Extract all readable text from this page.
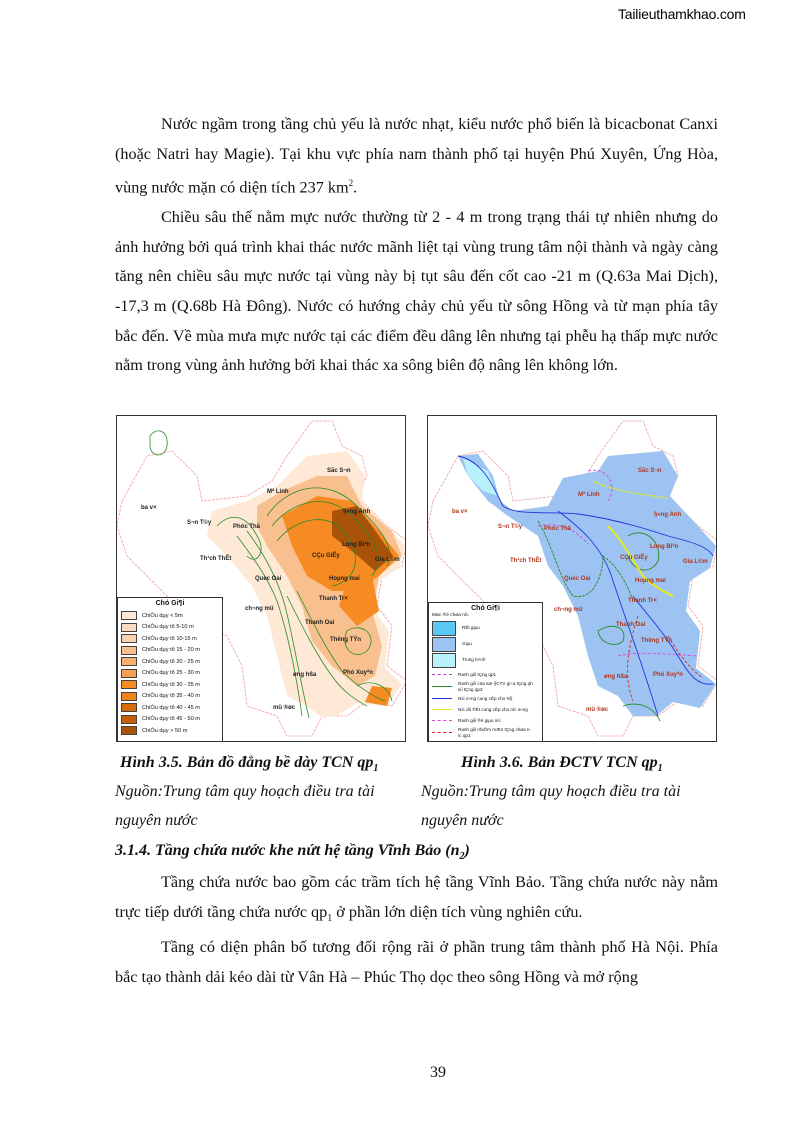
Tailieuthamkhao.com

Nước ngầm trong tầng chủ yếu là nước nhạt, kiểu nước phổ biến là bicacbonat Canxi (hoặc Natri hay Magie). Tại khu vực phía nam thành phố tại huyện Phú Xuyên, Ứng Hòa, vùng nước mặn có diện tích 237 $km^2$.

Chiều sâu thế nằm mực nước thường từ 2 - 4 m trong trạng thái tự nhiên nhưng do ảnh hưởng bởi quá trình khai thác nước mãnh liệt tại vùng trung tâm nội thành và ngày càng tăng nên chiều sâu mực nước tại vùng này bị tụt sâu đến cốt cao -21 m (Q.63a Mai Dịch), -17,3 m (Q.68b Hà Đông). Nước có hướng chảy chủ yếu từ sông Hồng và từ mạn phía tây bắc đến. Về mùa mưa mực nước tại các điểm đều dâng lên nhưng tại phễu hạ thấp mực nước nằm trong vùng ảnh hưởng bởi khai thác xa sông biên độ nâng lên không lớn.

Sãc S¬n
Mª Linh
ba v×
S¬n T©y
Phóc Thä
§«ng Anh
Th¹ch ThÊt
Long Biªn
CÇu GiÊy
Gia L©m
Quèc Oai	Hoµng mai
Thanh Tr×
ch¬ng mü
Thanh Oai
Thêng TÝn
øng hßa	Phó Xuyªn
mü ®øc
Chó Gi¶i
ChiÒu dµy < 5m
ChiÒu dµy tõ 5-10 m
ChiÒu dµy tõ 10-15 m
ChiÒu dµy tõ 15 - 20 m
ChiÒu dµy tõ 20 - 25 m
ChiÒu dµy tõ 25 - 30 m
ChiÒu dµy tõ 30 - 35 m
ChiÒu dµy tõ 35 - 40 m
ChiÒu dµy tõ 40 - 45 m
ChiÒu dµy tõ 45 - 50 m
ChiÒu dµy > 50 m
Sãc S¬n
Mª Linh
ba v×
S¬n T©y	Phóc Thä
§«ng Anh
Th¹ch ThÊt
Long Biªn
CÇu GiÊy
Gia L©m
Quèc Oai	Hoµng mai
Thanh Tr×
ch¬ng mü
Thanh Oai
Thêng TÝn
øng hßa	Phó Xuyªn
mü ®øc
Chó Gi¶i
Møc ®é chøa níc
RÊt giµu
Giµu
Trung b×nh
Ranh giíi tÇng qp1
Ranh giíi cöa sæ §CTV gi÷a tÇng qh víi tÇng qp2
Níc s«ng cung cÊp cho N§
Níc díi ®Êt cung cÊp cho níc s«ng
Ranh giíi ®é giµu níc
Ranh giíi nhiÔm mÆn tÇng chøa níc qp1
Hình 3.5. Bản đồ đẳng bề dày TCN $qp_1$	Hình 3.6. Bản ĐCTV TCN $qp_1$
Nguồn:Trung tâm quy hoạch điều tra tài
nguyên nước
Nguồn:Trung tâm quy hoạch điều tra tài
nguyên nước
3.1.4. Tầng chứa nước khe nứt hệ tầng Vĩnh Bảo $(n_2)$

Tầng chứa nước bao gồm các trầm tích hệ tầng Vĩnh Bảo. Tầng chứa nước này nằm trực tiếp dưới tầng chứa nước $qp_1$ ở phần lớn diện tích vùng nghiên cứu.

Tầng có diện phân bố tương đối rộng rãi ở phần trung tâm thành phố Hà Nội. Phía bắc tạo thành dải kéo dài từ Vân Hà – Phúc Thọ dọc theo sông Hồng và mở rộng

39
